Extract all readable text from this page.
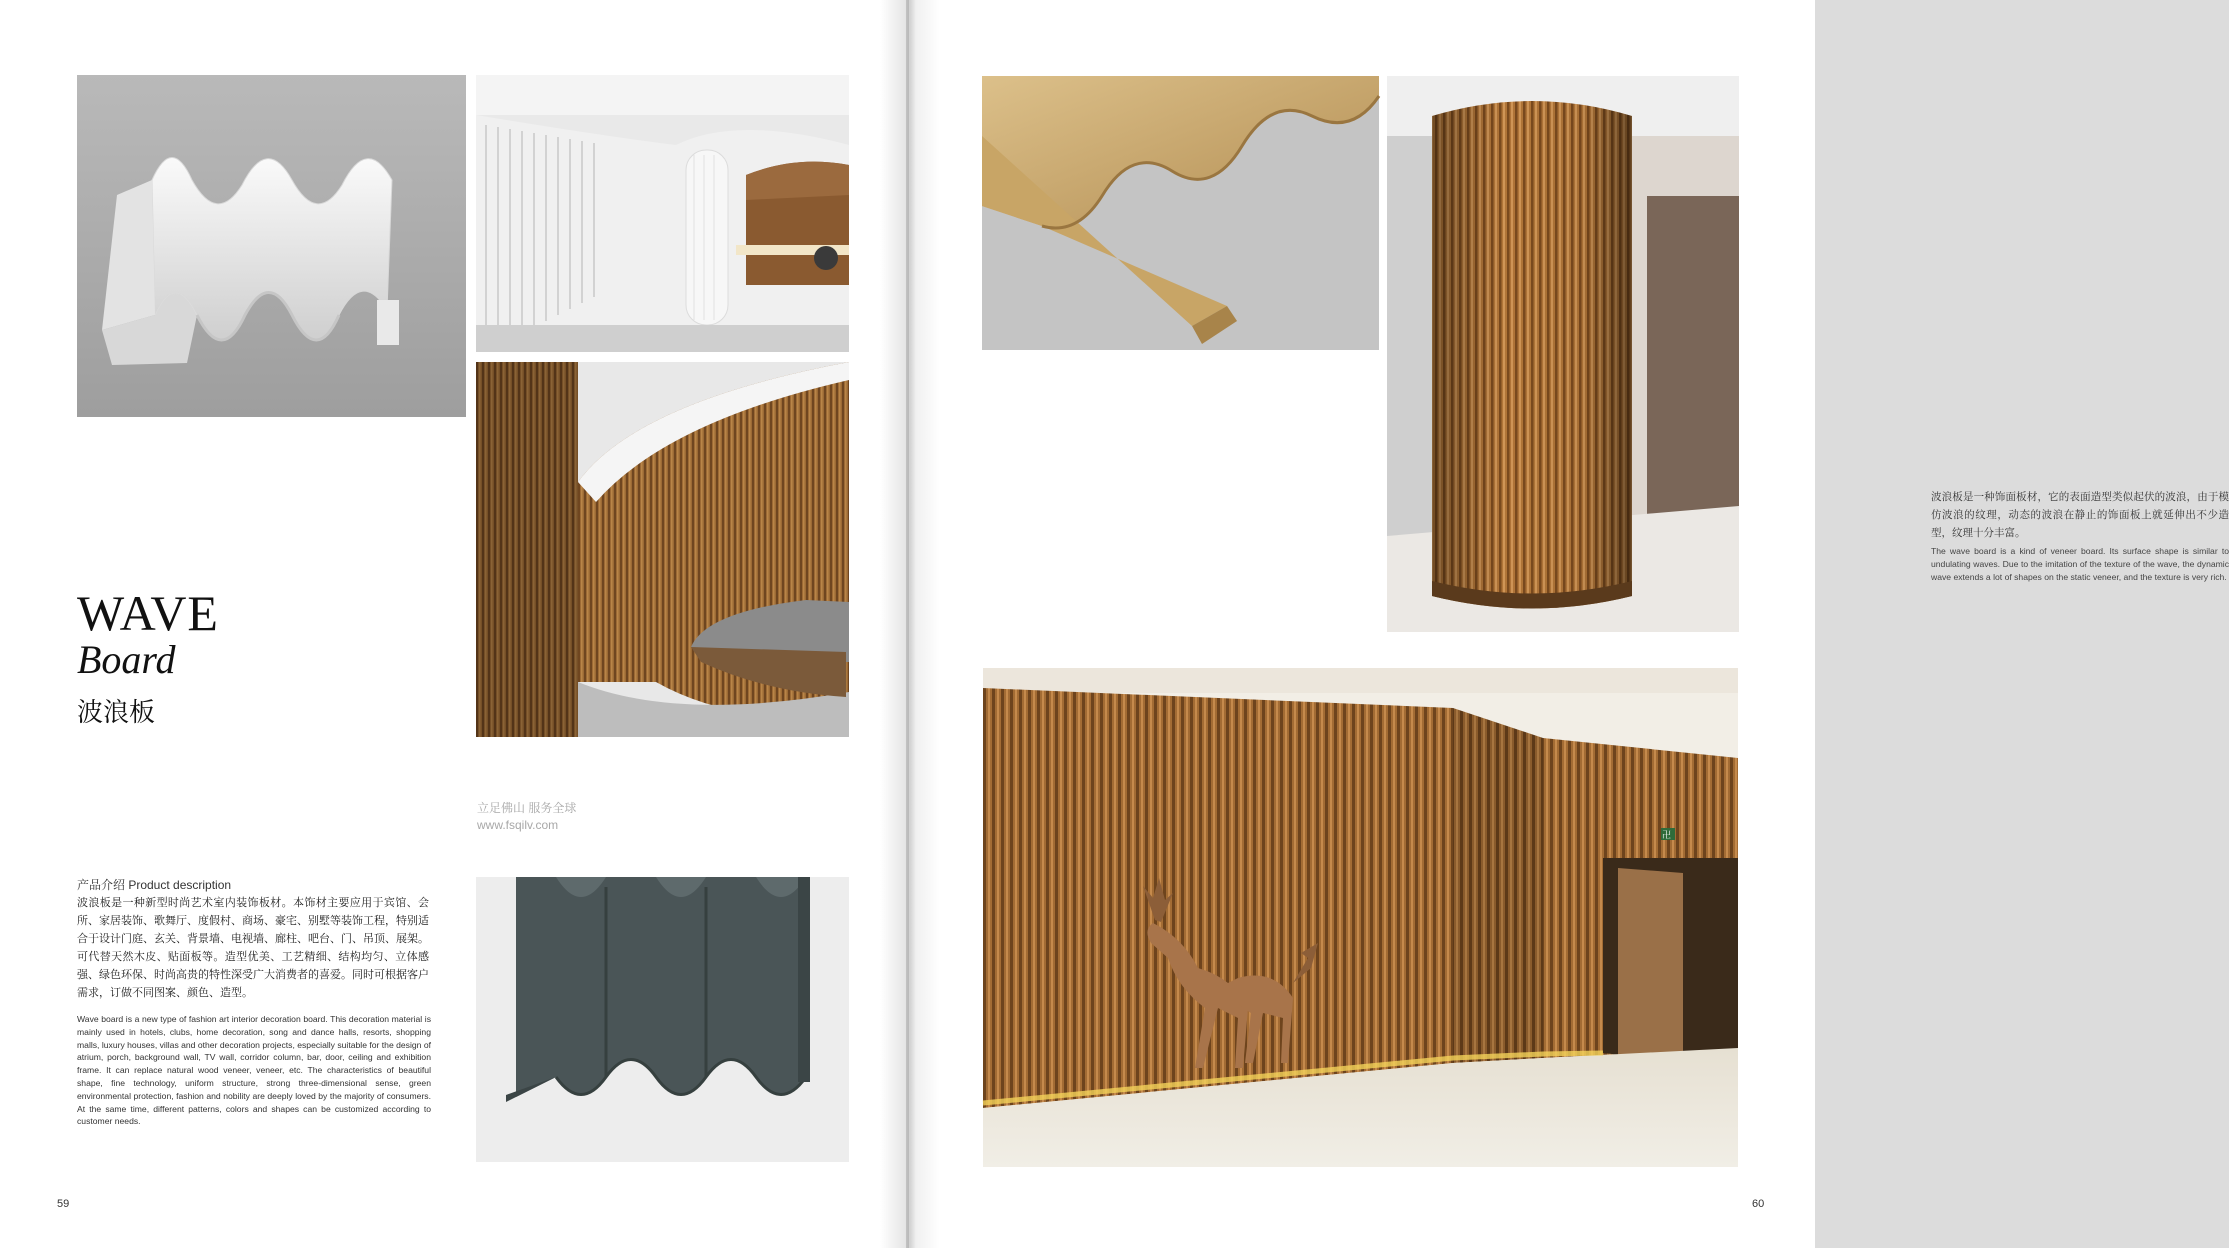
WAVE
Board
波浪板
立足佛山 服务全球
www.fsqilv.com
产品介绍 Product description
波浪板是一种新型时尚艺术室内装饰板材。本饰材主要应用于宾馆、会所、家居装饰、歌舞厅、度假村、商场、豪宅、别墅等装饰工程，特别适合于设计门庭、玄关、背景墙、电视墙、廊柱、吧台、门、吊顶、展架。可代替天然木皮、贴面板等。造型优美、工艺精细、结构均匀、立体感强、绿色环保、时尚高贵的特性深受广大消费者的喜爱。同时可根据客户需求，订做不同图案、颜色、造型。
Wave board is a new type of fashion art interior decoration board. This decoration material is mainly used in hotels, clubs, home decoration, song and dance halls, resorts, shopping malls, luxury houses, villas and other decoration projects, especially suitable for the design of atrium, porch, background wall, TV wall, corridor column, bar, door, ceiling and exhibition frame. It can replace natural wood veneer, veneer, etc. The characteristics of beautiful shape, fine technology, uniform structure, strong three-dimensional sense, green environmental protection, fashion and nobility are deeply loved by the majority of consumers. At the same time, different patterns, colors and shapes can be customized according to customer needs.
59
波浪板是一种饰面板材，它的表面造型类似起伏的波浪，由于模仿波浪的纹理，动态的波浪在静止的饰面板上就延伸出不少造型，纹理十分丰富。
The wave board is a kind of veneer board. Its surface shape is similar to undulating waves. Due to the imitation of the texture of the wave, the dynamic wave extends a lot of shapes on the static veneer, and the texture is very rich.
卍
60
